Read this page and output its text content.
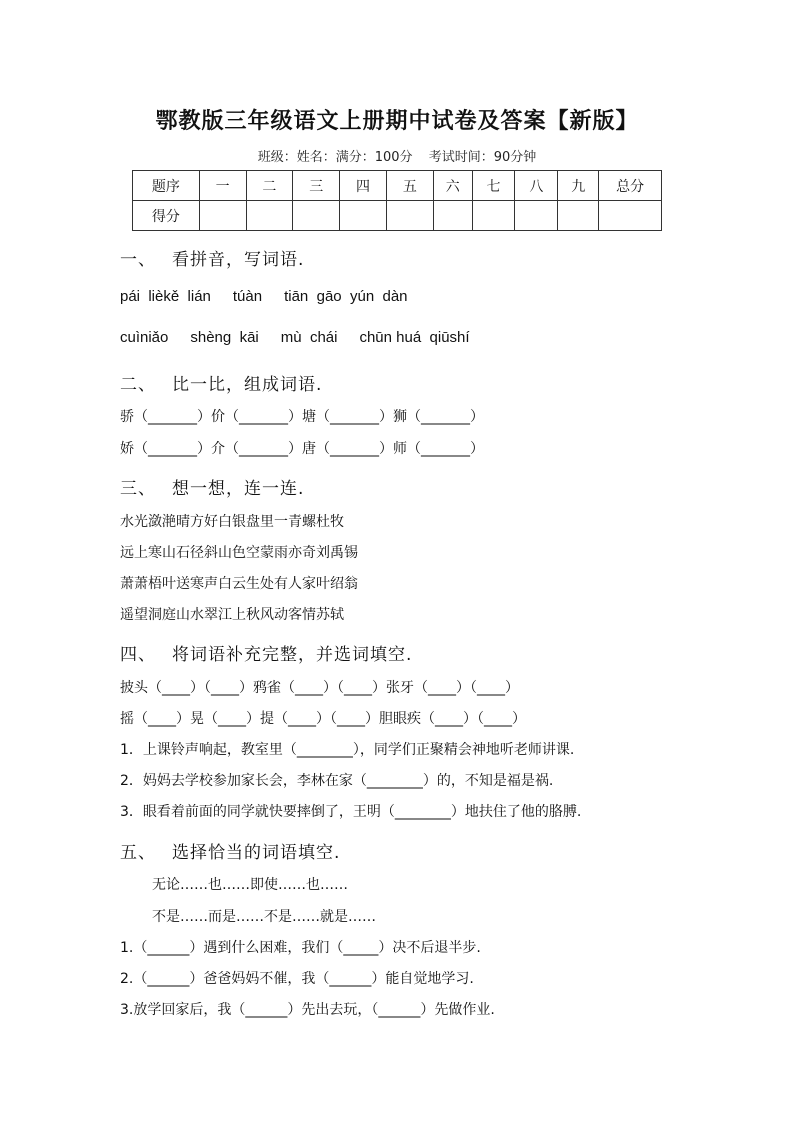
鄂教版三年级语文上册期中试卷及答案【新版】
班级：姓名：满分：100分 考试时间：90分钟
题序	一	二	三	四	五	六	七	八	九	总分
得分										
一、 看拼音，写词语.
pái  lièkě  lián túàn tiān  gāo  yún  dàn
cuìniǎo shèng  kāi mù  chái chūn huá  qiūshí
二、 比一比，组成词语.
骄（_______）价（_______）塘（_______）狮（_______）
娇（_______）介（_______）唐（_______）师（_______）
三、 想一想，连一连.
水光潋滟晴方好白银盘里一青螺杜牧
远上寒山石径斜山色空蒙雨亦奇刘禹锡
萧萧梧叶送寒声白云生处有人家叶绍翁
遥望洞庭山水翠江上秋风动客情苏轼
四、 将词语补充完整，并选词填空.
披头（____）（____）鸦雀（____）（____）张牙（____）（____）
摇（____）晃（____）提（____）（____）胆眼疾（____）（____）
1．上课铃声响起，教室里（________），同学们正聚精会神地听老师讲课.
2．妈妈去学校参加家长会，李林在家（________）的，不知是福是祸.
3．眼看着前面的同学就快要摔倒了，王明（________）地扶住了他的胳膊.
五、 选择恰当的词语填空.
无论……也……即使……也……
不是……而是……不是……就是……
1.（______）遇到什么困难，我们（_____）决不后退半步.
2.（______）爸爸妈妈不催，我（______）能自觉地学习.
3.放学回家后，我（______）先出去玩，（______）先做作业.
